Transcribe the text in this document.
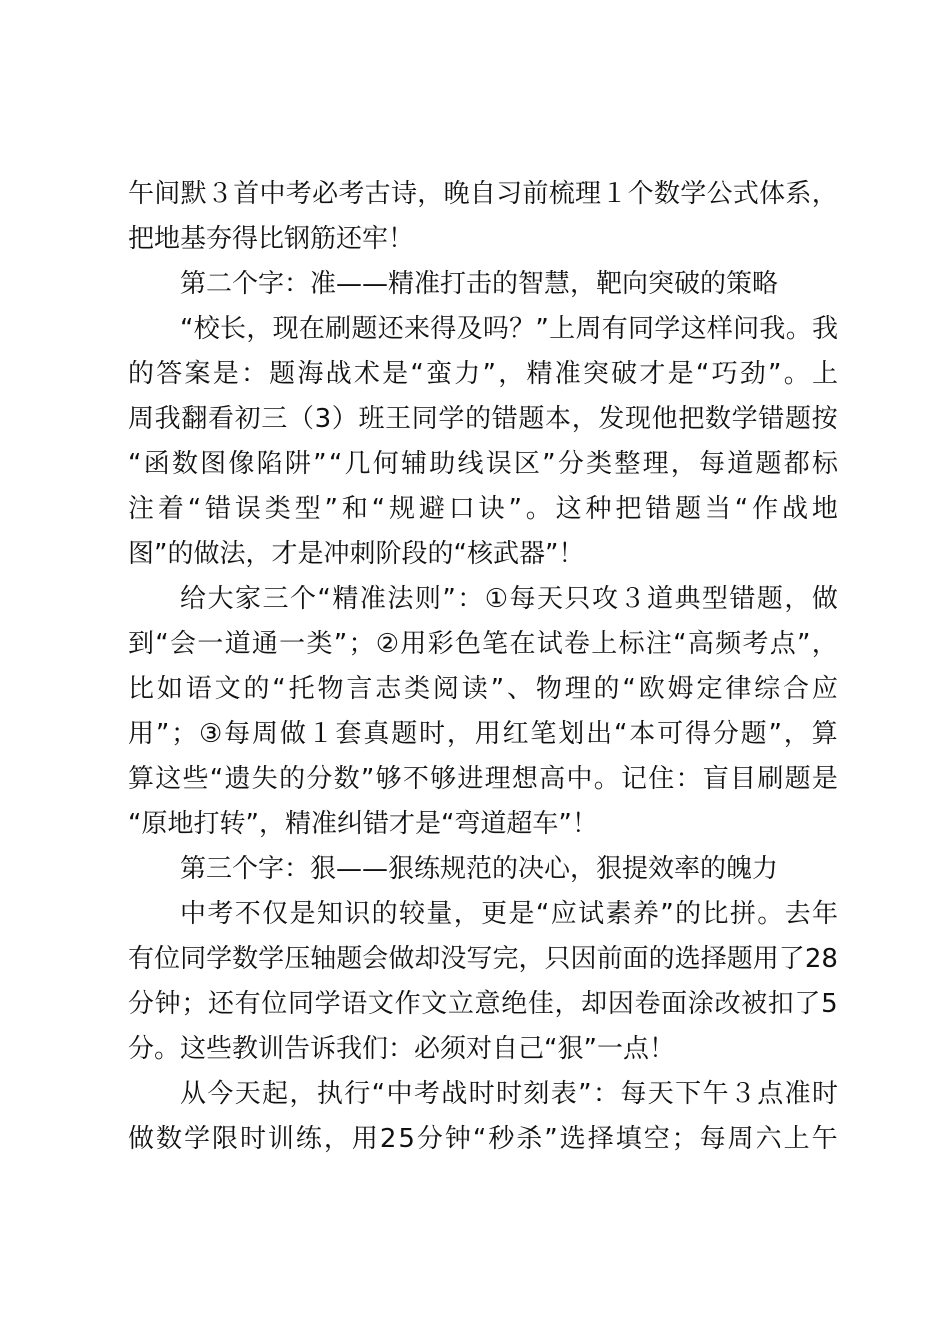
午 间 默 ３ 首 中 考 必 考 古 诗 ， 晚 自 习 前 梳 理 １ 个 数 学 公 式 体 系 ，
把地基夯得比钢筋还牢！
第二个字：准——精准打击的智慧，靶向突破的策略
“ 校 长 ， 现 在 刷 题 还 来 得 及 吗 ？ ” 上 周 有 同 学 这 样 问 我 。 我
的 答 案 是 ： 题 海 战 术 是 “ 蛮 力 ” ， 精 准 突 破 才 是 “ 巧 劲 ” 。 上
周 我 翻 看 初 三 （ 3 ） 班 王 同 学 的 错 题 本 ， 发 现 他 把 数 学 错 题 按
“ 函 数 图 像 陷 阱 ” “ 几 何 辅 助 线 误 区 ” 分 类 整 理 ， 每 道 题 都 标
注 着 “ 错 误 类 型 ” 和 “ 规 避 口 诀 ” 。 这 种 把 错 题 当 “ 作 战 地
图”的做法，才是冲刺阶段的“核武器”！
给 大 家 三 个 “ 精 准 法 则 ” ： ① 每 天 只 攻 ３ 道 典 型 错 题 ， 做
到 “ 会 一 道 通 一 类 ” ； ② 用 彩 色 笔 在 试 卷 上 标 注 “ 高 频 考 点 ” ，
比 如 语 文 的 “ 托 物 言 志 类 阅 读 ” 、 物 理 的 “ 欧 姆 定 律 综 合 应
用 ” ； ③ 每 周 做 １ 套 真 题 时 ， 用 红 笔 划 出 “ 本 可 得 分 题 ” ， 算
算 这 些 “ 遗 失 的 分 数 ” 够 不 够 进 理 想 高 中 。 记 住 ： 盲 目 刷 题 是
“原地打转”，精准纠错才是“弯道超车”！
第三个字：狠——狠练规范的决心，狠提效率的魄力
中 考 不 仅 是 知 识 的 较 量 ， 更 是 “ 应 试 素 养 ” 的 比 拼 。 去 年
有 位 同 学 数 学 压 轴 题 会 做 却 没 写 完 ， 只 因 前 面 的 选 择 题 用 了 2 8
分 钟 ； 还 有 位 同 学 语 文 作 文 立 意 绝 佳 ， 却 因 卷 面 涂 改 被 扣 了 5
分。这些教训告诉我们：必须对自己“狠”一点！
从 今 天 起 ， 执 行 “ 中 考 战 时 时 刻 表 ” ： 每 天 下 午 ３ 点 准 时
做 数 学 限 时 训 练 ， 用 2 5 分 钟 “ 秒 杀 ” 选 择 填 空 ； 每 周 六 上 午
